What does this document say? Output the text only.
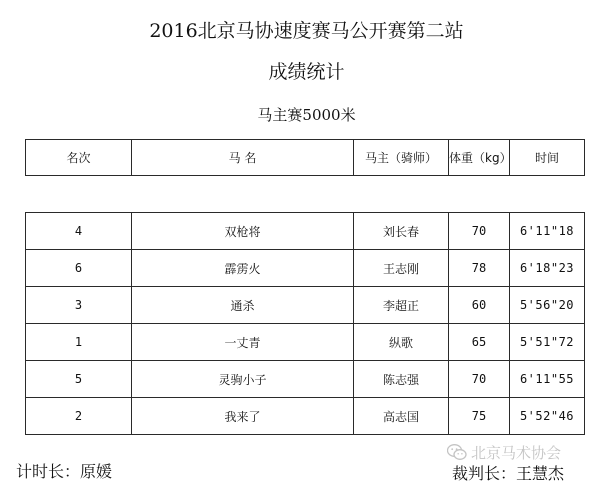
2016北京马协速度赛马公开赛第二站
成绩统计
马主赛5000米
名次	马 名	马主（骑师）	体重（kg）	时间

4	双枪将	刘长春	70	6'11"18
6	霹雳火	王志刚	78	6'18"23
3	通杀	李超正	60	5'56"20
1	一丈青	纵歌	65	5'51"72
5	灵驹小子	陈志强	70	6'11"55
2	我来了	高志国	75	5'52"46
北京马术协会
计时长：原媛	裁判长：王慧杰
